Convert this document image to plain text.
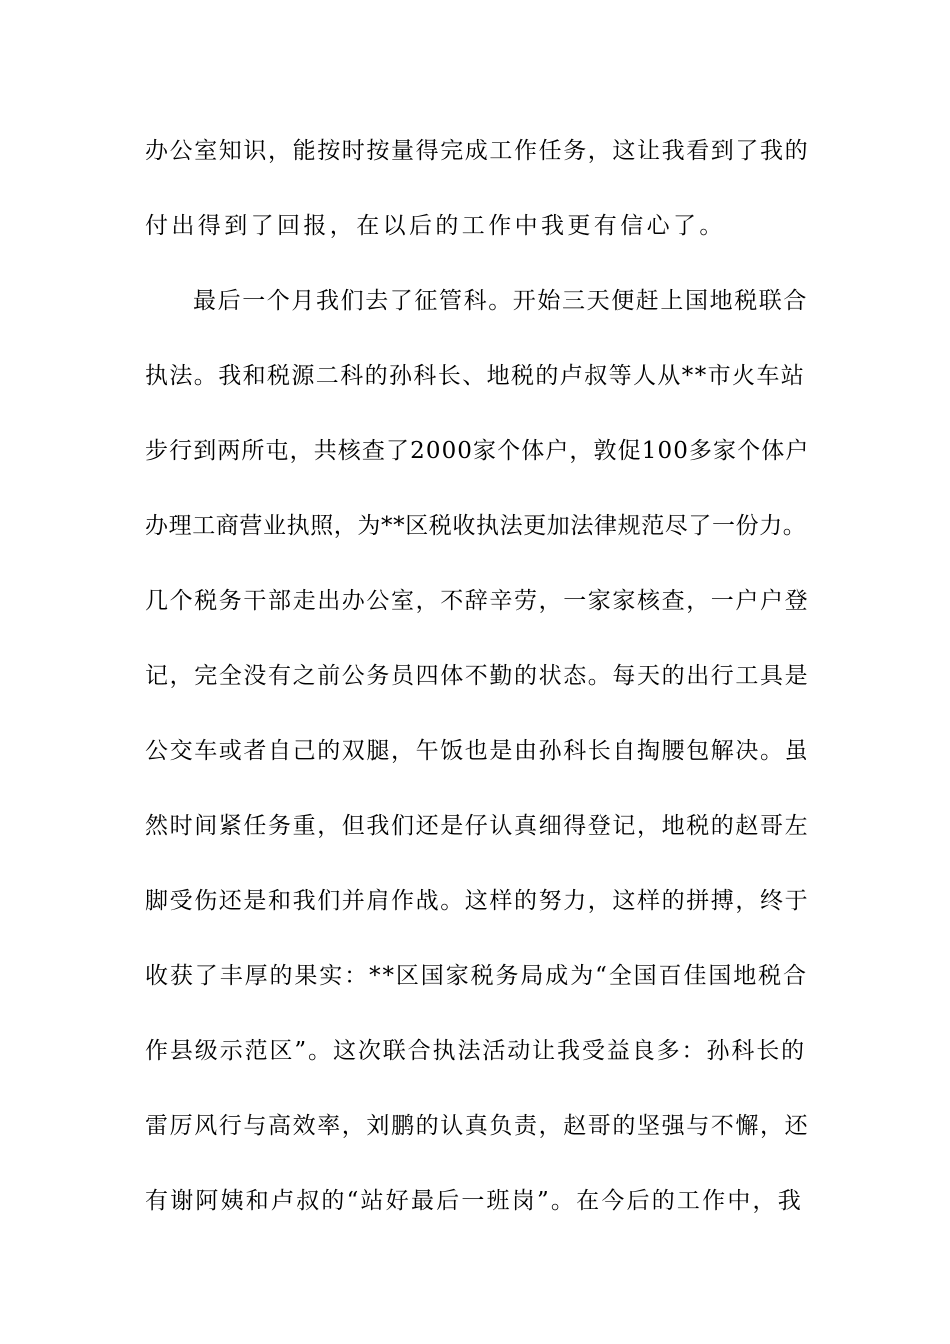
办公室知识，能按时按量得完成工作任务，这让我看到了我的
付出得到了回报，在以后的工作中我更有信心了。
最后一个月我们去了征管科。开始三天便赶上国地税联合
执法。我和税源二科的孙科长、地税的卢叔等人从**市火车站
步行到两所屯，共核查了2000家个体户，敦促100多家个体户
办理工商营业执照，为**区税收执法更加法律规范尽了一份力。
几个税务干部走出办公室，不辞辛劳，一家家核查，一户户登
记，完全没有之前公务员四体不勤的状态。每天的出行工具是
公交车或者自己的双腿，午饭也是由孙科长自掏腰包解决。虽
然时间紧任务重，但我们还是仔认真细得登记，地税的赵哥左
脚受伤还是和我们并肩作战。这样的努力，这样的拼搏，终于
收获了丰厚的果实：**区国家税务局成为“全国百佳国地税合
作县级示范区”。这次联合执法活动让我受益良多：孙科长的
雷厉风行与高效率，刘鹏的认真负责，赵哥的坚强与不懈，还
有谢阿姨和卢叔的“站好最后一班岗”。在今后的工作中，我
